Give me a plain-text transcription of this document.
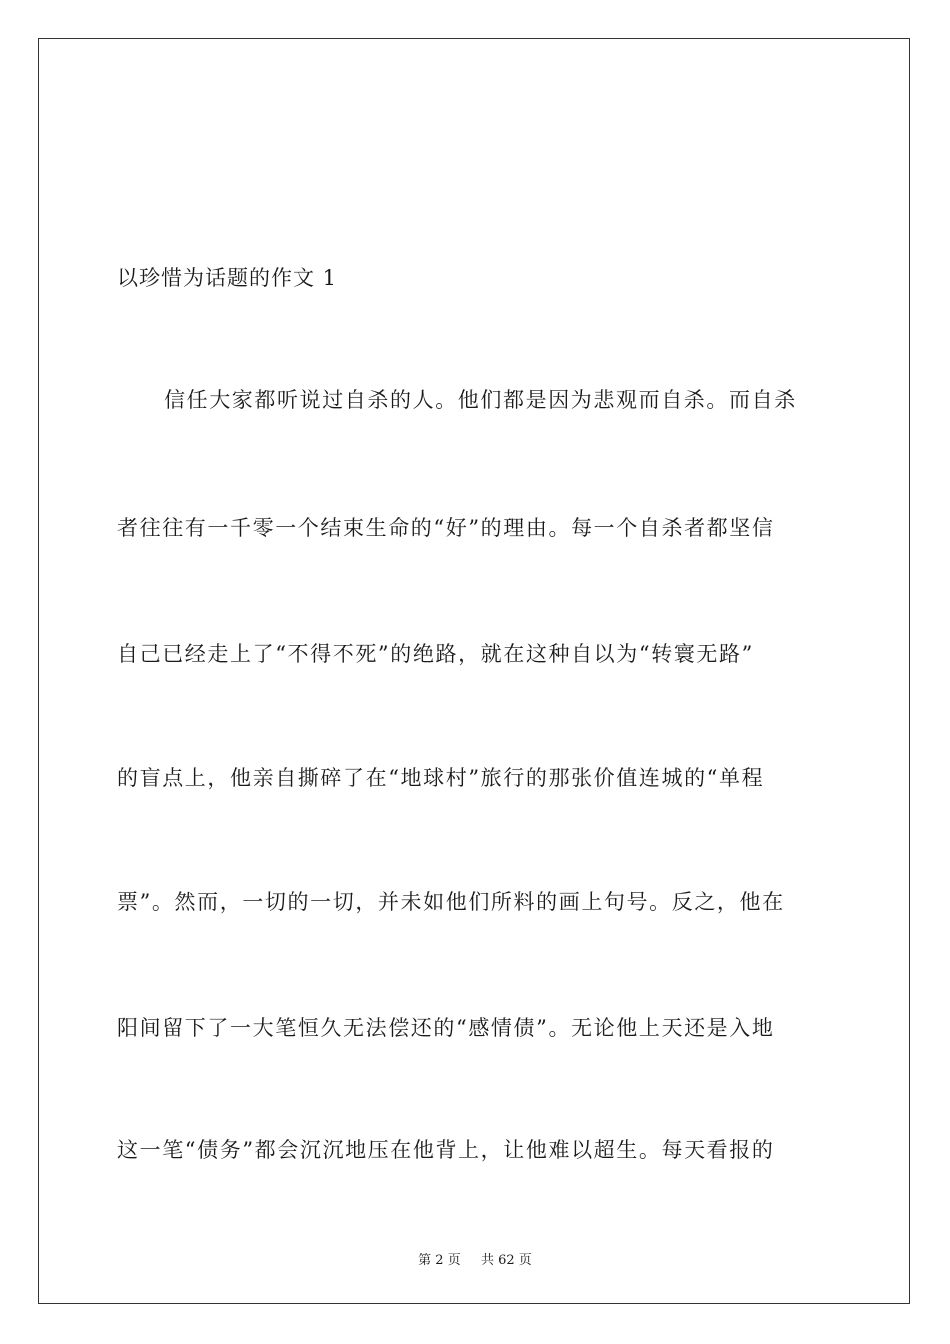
以珍惜为话题的作文 1
信任大家都听说过自杀的人。他们都是因为悲观而自杀。而自杀
者往往有一千零一个结束生命的“好”的理由。每一个自杀者都坚信
自己已经走上了“不得不死”的绝路，就在这种自以为“转寰无路”
的盲点上，他亲自撕碎了在“地球村”旅行的那张价值连城的“单程
票”。然而，一切的一切，并未如他们所料的画上句号。反之，他在
阳间留下了一大笔恒久无法偿还的“感情债”。无论他上天还是入地
这一笔“债务”都会沉沉地压在他背上，让他难以超生。每天看报的
第 2 页 共 62 页
